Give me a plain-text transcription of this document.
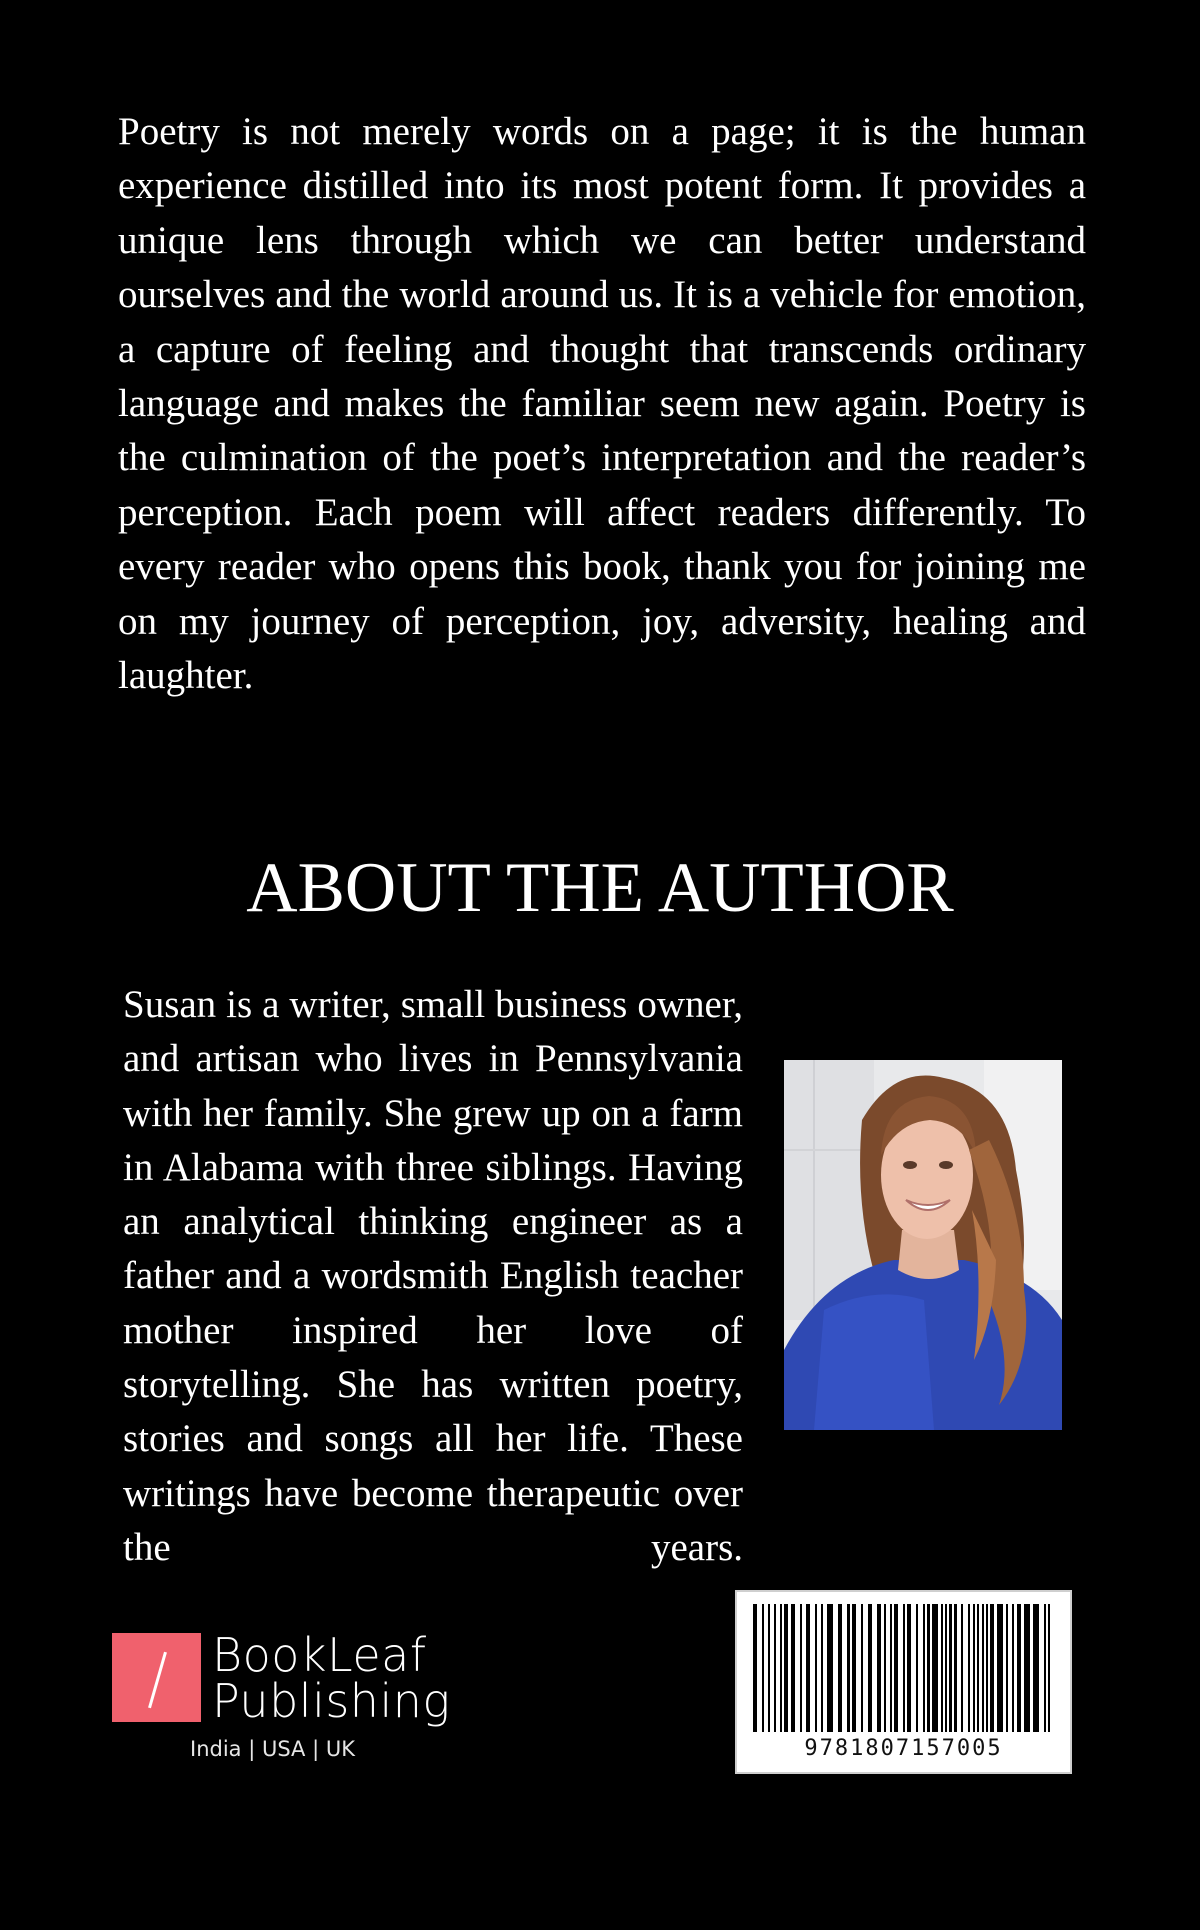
Poetry is not merely words on a page; it is the human experience distilled into its most potent form. It provides a unique lens through which we can better understand ourselves and the world around us. It is a vehicle for emotion, a capture of feeling and thought that transcends ordinary language and makes the familiar seem new again. Poetry is the culmination of the poet’s interpretation and the reader’s perception. Each poem will affect readers differently. To every reader who opens this book, thank you for joining me on my journey of perception, joy, adversity, healing and laughter.

ABOUT THE AUTHOR

Susan is a writer, small business owner, and artisan who lives in Pennsylvania with her family. She grew up on a farm in Alabama with three siblings. Having an analytical thinking engineer as a father and a wordsmith English teacher mother inspired her love of storytelling. She has written poetry, stories and songs all her life. These writings have become therapeutic over the years.

BookLeaf
Publishing
India | USA | UK	9781807157005
